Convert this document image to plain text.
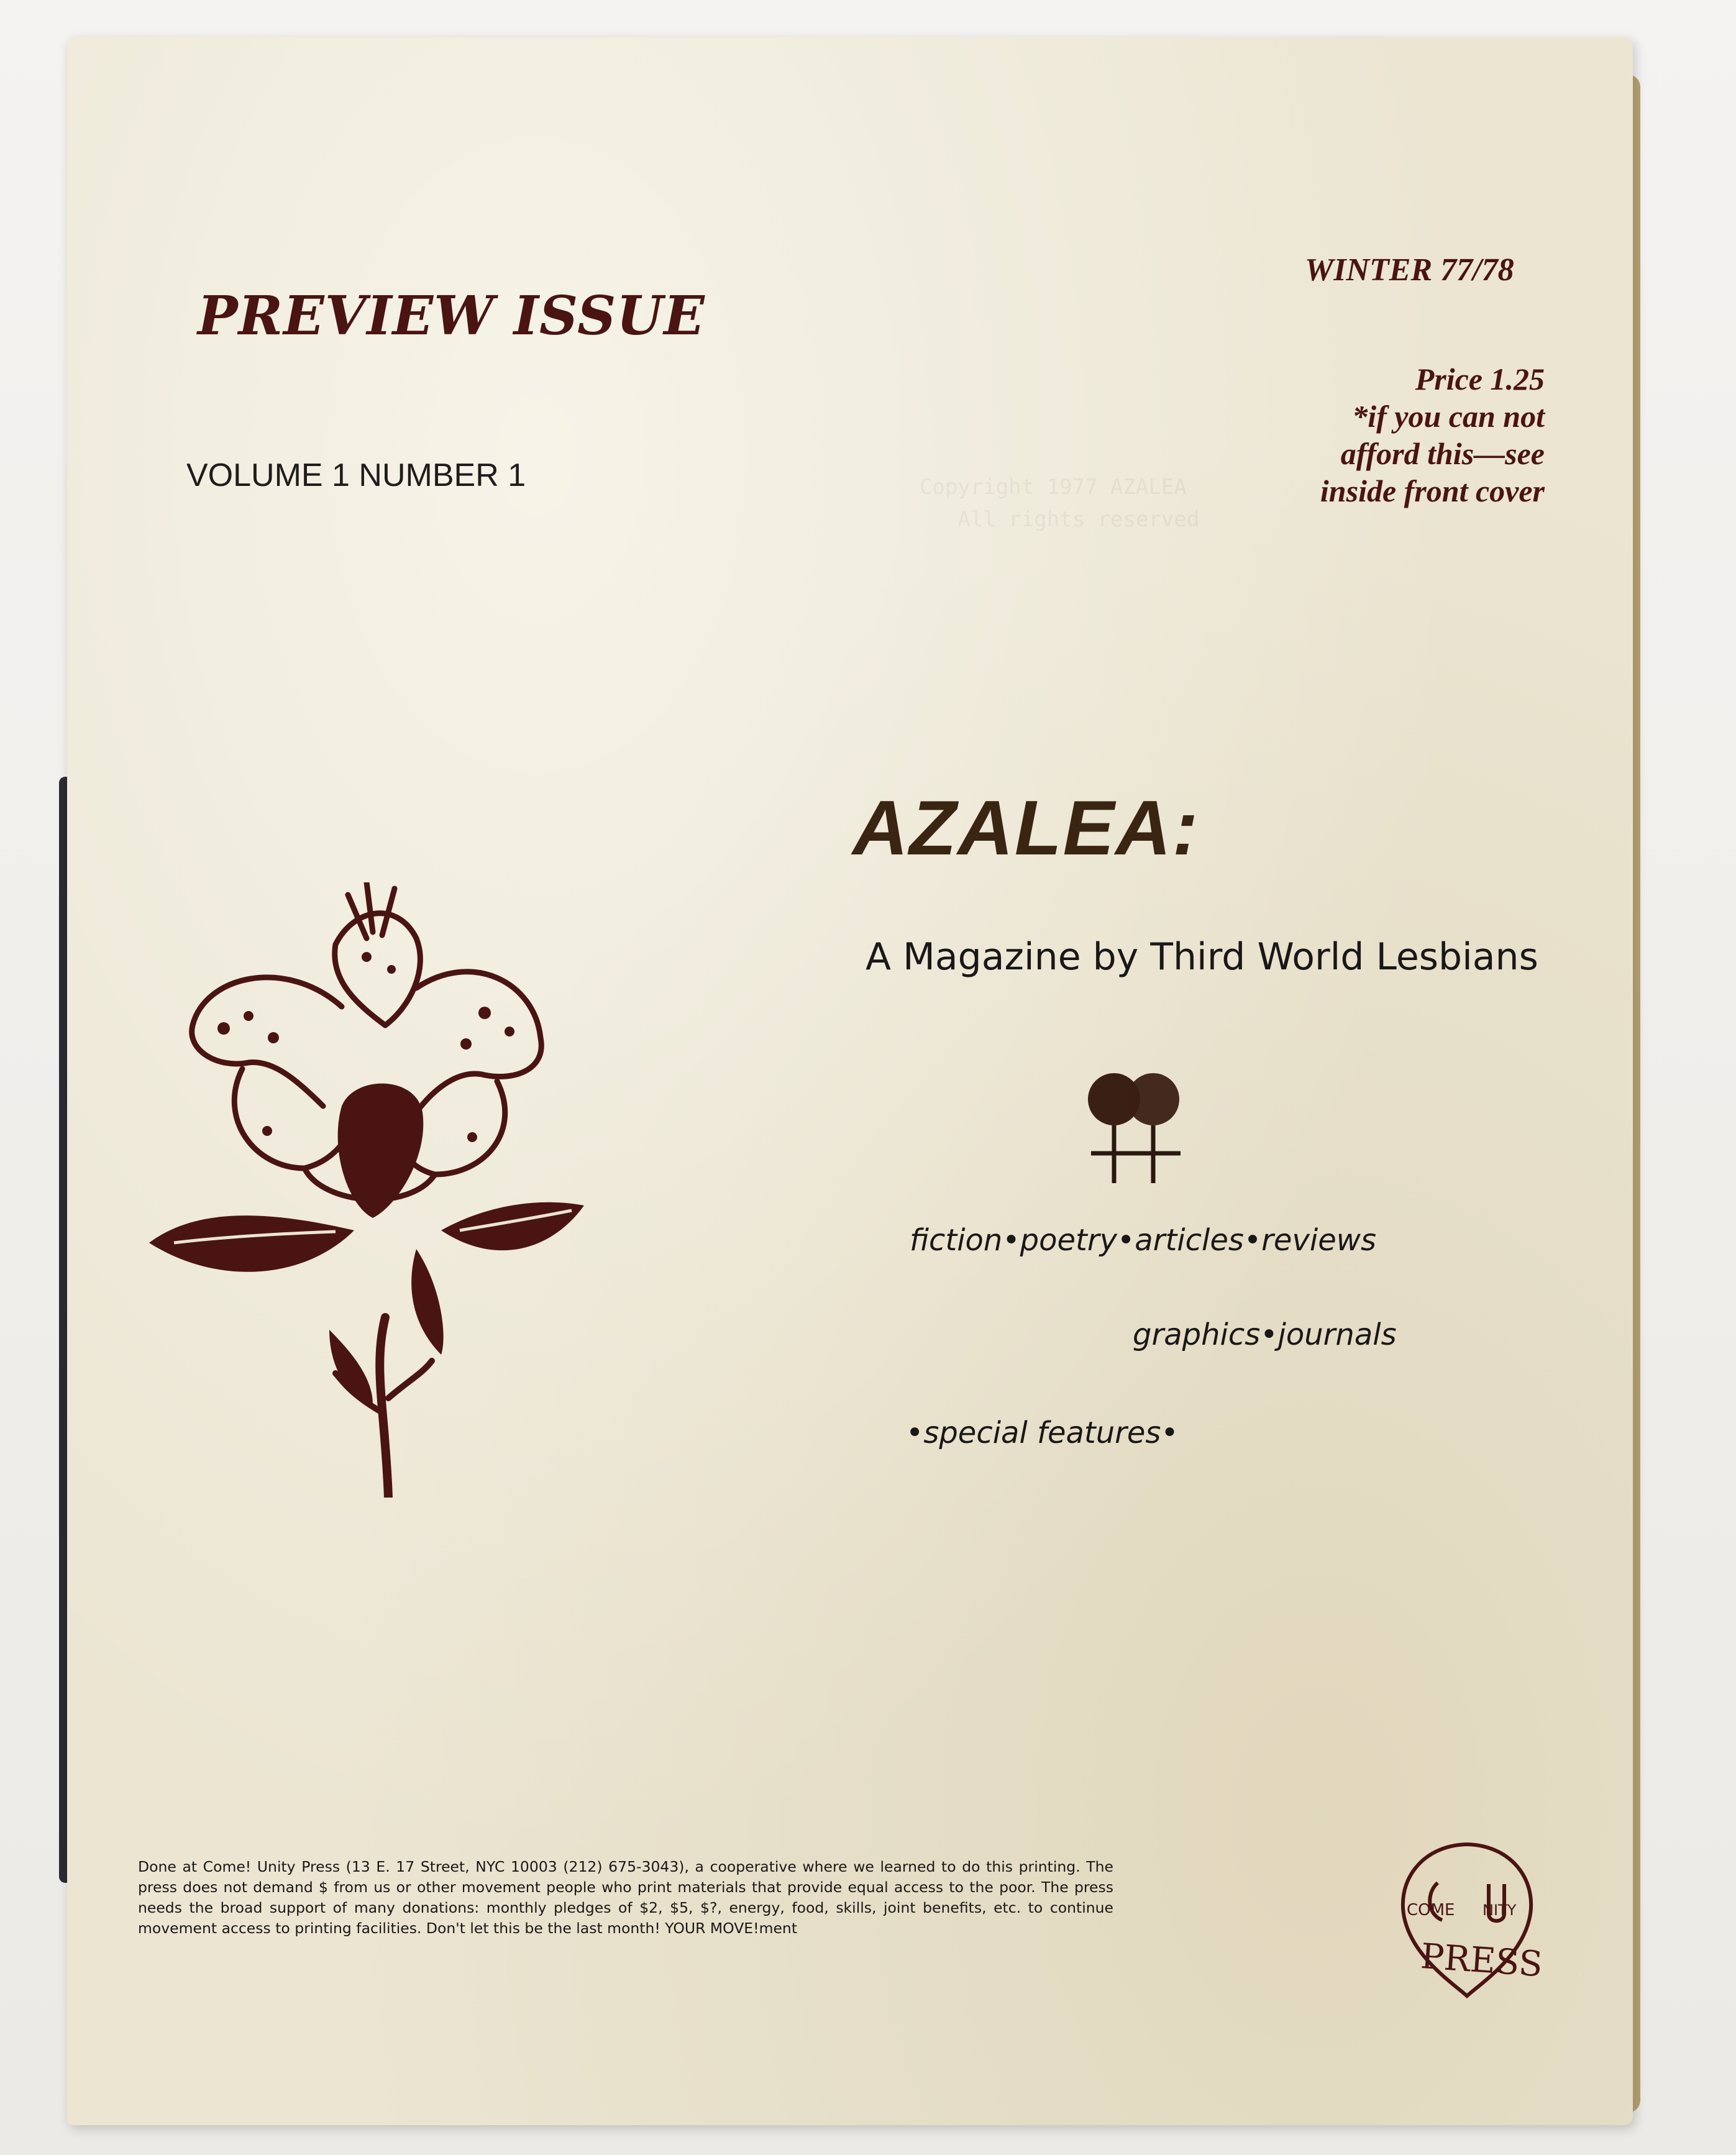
Copyright 1977 AZALEA
All rights reserved

PREVIEW ISSUE
VOLUME 1 NUMBER 1
WINTER 77/78
Price 1.25
*if you can not
afford this—see
inside front cover
AZALEA:
A Magazine by Third World Lesbians
fiction•poetry•articles•reviews
graphics•journals
•special features•
Done at Come! Unity Press (13 E. 17 Street, NYC 10003 (212) 675-3043), a cooperative where we learned to do this printing. The press does not demand $ from us or other movement people who print materials that provide equal access to the poor. The press needs the broad support of many donations: monthly pledges of $2, $5, $?, energy, food, skills, joint benefits, etc. to continue movement access to printing facilities. Don't let this be the last month! YOUR MOVE!ment
COME NITY
PRESS
